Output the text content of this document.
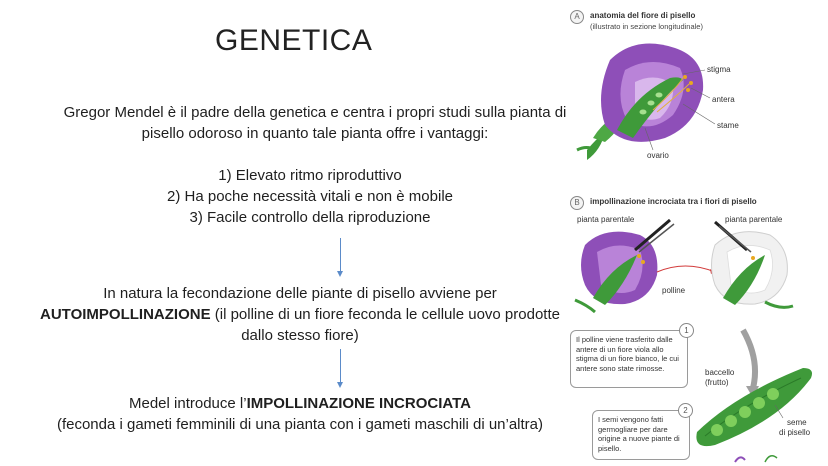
GENETICA
Gregor Mendel è il padre della genetica e centra i propri studi sulla pianta di pisello odoroso in quanto tale pianta offre i vantaggi:
1) Elevato ritmo riproduttivo
2) Ha poche necessità vitali e non è mobile
3) Facile controllo della riproduzione
In natura la fecondazione delle piante di pisello avviene per
AUTOIMPOLLINAZIONE (il polline di un fiore feconda le cellule uovo prodotte dallo stesso fiore)
Medel introduce l’IMPOLLINAZIONE INCROCIATA
(feconda i gameti femminili di una pianta con i gameti maschili di un’altra)
A	anatomia del fiore di pisello
(illustrato in sezione longitudinale)
stigma
antera
stame
ovario
B	impollinazione incrociata tra i fiori di pisello
pianta parentale	pianta parentale
polline
Il polline viene trasferito dalle antere di un fiore viola allo stigma di un fiore bianco, le cui antere sono state rimosse.
1
baccello
(frutto)
I semi vengono fatti germogliare per dare origine a nuove piante di pisello.
2
seme
di pisello
